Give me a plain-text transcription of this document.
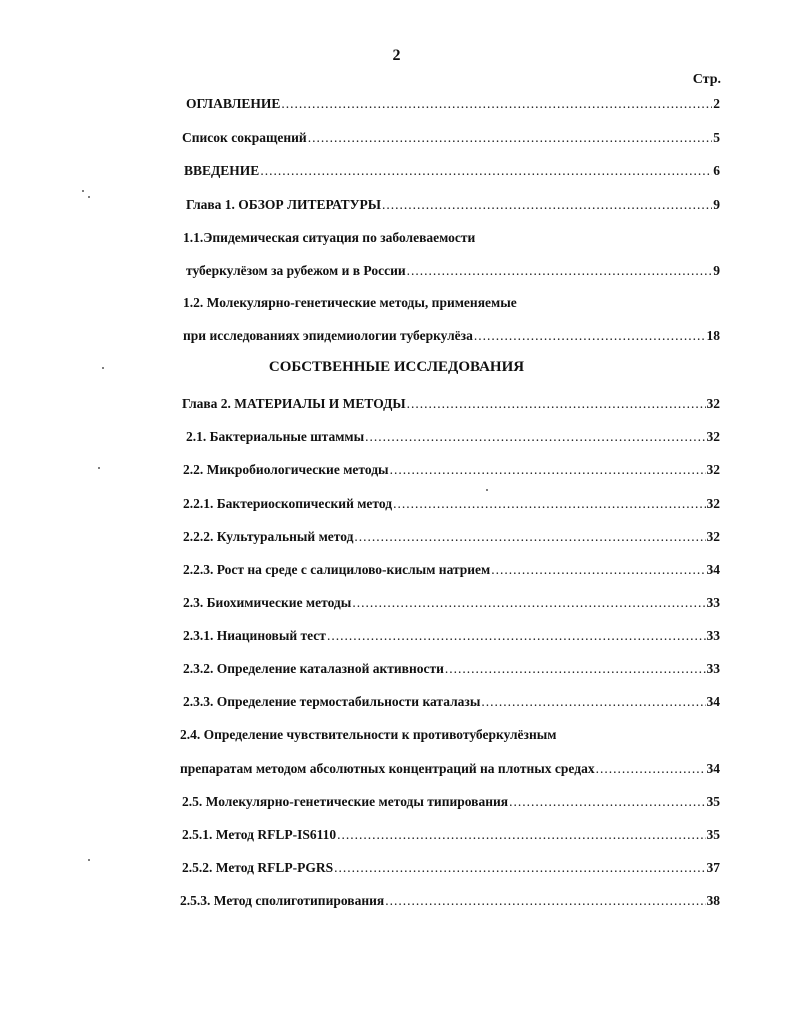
2
Стр.
ОГЛАВЛЕНИЕ .....	2
Список сокращений .....	5
ВВЕДЕНИЕ .....	6
Глава 1. ОБЗОР ЛИТЕРАТУРЫ .....	9
1.1.Эпидемическая ситуация по заболеваемости
туберкулёзом за рубежом и в России .....	9
1.2. Молекулярно-генетические методы, применяемые
при исследованиях эпидемиологии туберкулёза .....	18
СОБСТВЕННЫЕ ИССЛЕДОВАНИЯ
Глава 2. МАТЕРИАЛЫ И МЕТОДЫ .....	32
2.1. Бактериальные штаммы .....	32
2.2. Микробиологические методы .....	32
2.2.1. Бактериоскопический метод .....	32
2.2.2. Культуральный метод .....	32
2.2.3. Рост на среде с салицилово-кислым натрием .....	34
2.3. Биохимические методы .....	33
2.3.1. Ниациновый тест .....	33
2.3.2. Определение каталазной активности .....	33
2.3.3. Определение термостабильности каталазы .....	34
2.4. Определение чувствительности к противотуберкулёзным
препаратам методом абсолютных концентраций на плотных средах .....	34
2.5. Молекулярно-генетические методы типирования .....	35
2.5.1. Метод RFLP-IS6110 .....	35
2.5.2. Метод RFLP-PGRS .....	37
2.5.3. Метод сполиготипирования .....	38
